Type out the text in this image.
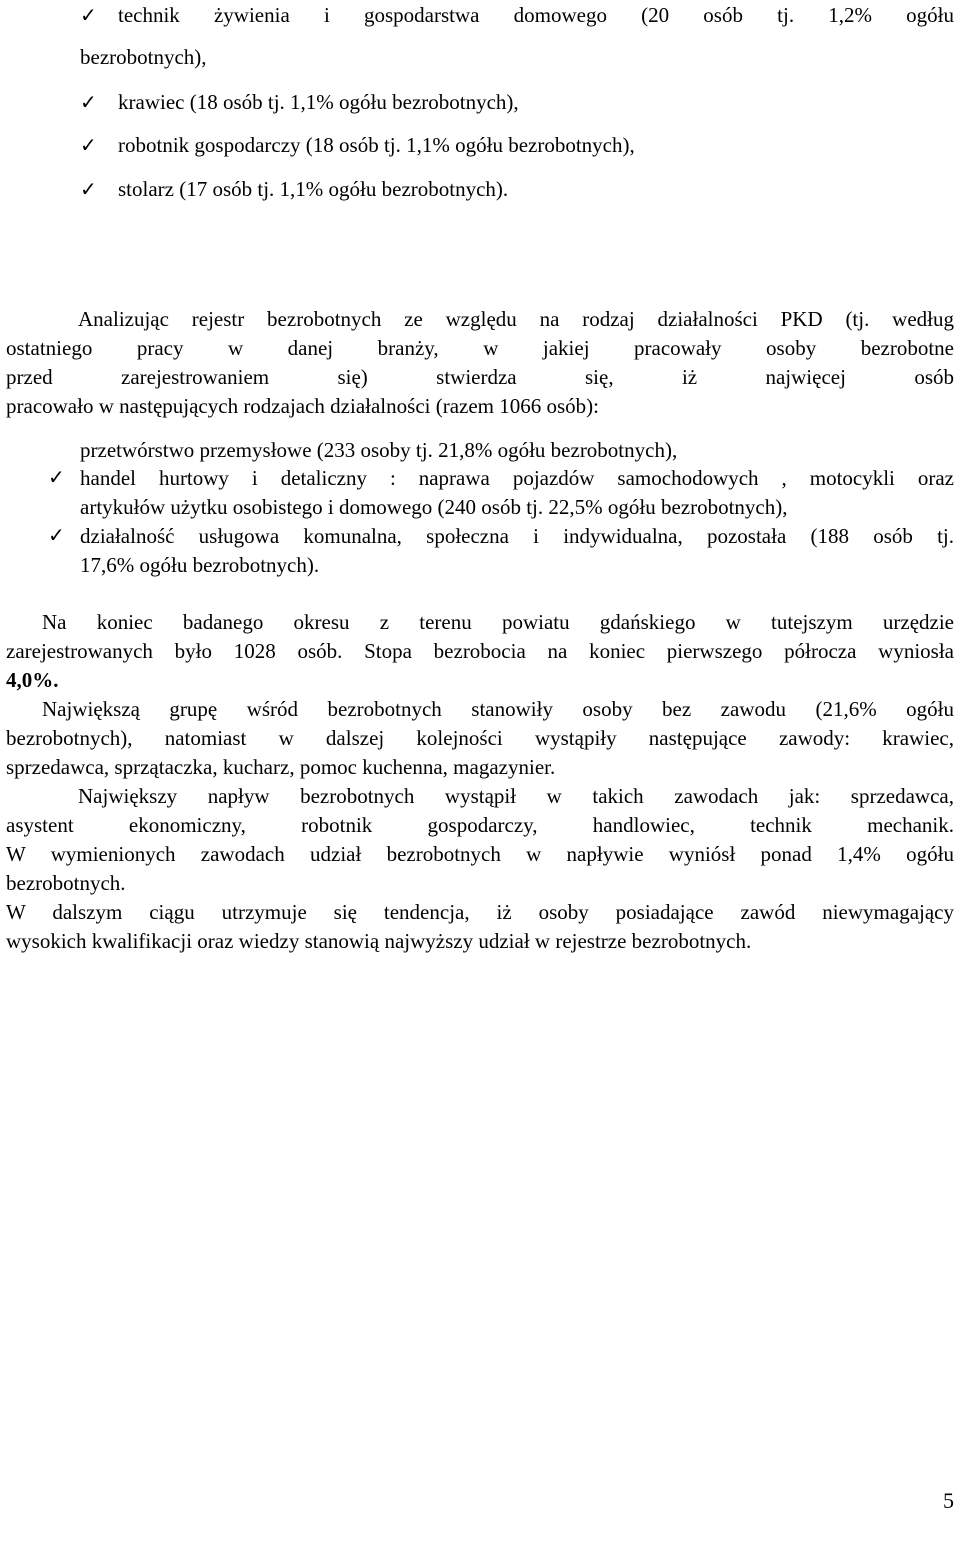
✓	technik żywienia i gospodarstwa domowego (20 osób tj. 1,2% ogółu
bezrobotnych),
✓	krawiec (18 osób tj. 1,1% ogółu bezrobotnych),
✓	robotnik gospodarczy (18 osób tj. 1,1% ogółu bezrobotnych),
✓	stolarz (17 osób tj. 1,1% ogółu bezrobotnych).
Analizując rejestr bezrobotnych ze względu na rodzaj działalności PKD (tj. według
ostatniego pracy w danej branży, w jakiej pracowały osoby bezrobotne
przed zarejestrowaniem się) stwierdza się, iż najwięcej osób
pracowało w następujących rodzajach działalności (razem 1066 osób):
przetwórstwo przemysłowe (233 osoby tj. 21,8% ogółu bezrobotnych),
✓ handel hurtowy i detaliczny : naprawa pojazdów samochodowych , motocykli oraz
artykułów użytku osobistego i domowego (240 osób tj. 22,5% ogółu bezrobotnych),
✓ działalność usługowa komunalna, społeczna i indywidualna, pozostała (188 osób tj.
17,6% ogółu bezrobotnych).
Na koniec badanego okresu z terenu powiatu gdańskiego w tutejszym urzędzie
zarejestrowanych było 1028 osób. Stopa bezrobocia na koniec pierwszego półrocza wyniosła
4,0%.
Największą grupę wśród bezrobotnych stanowiły osoby bez zawodu (21,6% ogółu
bezrobotnych), natomiast w dalszej kolejności wystąpiły następujące zawody: krawiec,
sprzedawca, sprzątaczka, kucharz, pomoc kuchenna, magazynier.
Największy napływ bezrobotnych wystąpił w takich zawodach jak: sprzedawca,
asystent ekonomiczny, robotnik gospodarczy, handlowiec, technik mechanik.
W wymienionych zawodach udział bezrobotnych w napływie wyniósł ponad 1,4% ogółu
bezrobotnych.
W dalszym ciągu utrzymuje się tendencja, iż osoby posiadające zawód niewymagający
wysokich kwalifikacji oraz wiedzy stanowią najwyższy udział w rejestrze bezrobotnych.
5
